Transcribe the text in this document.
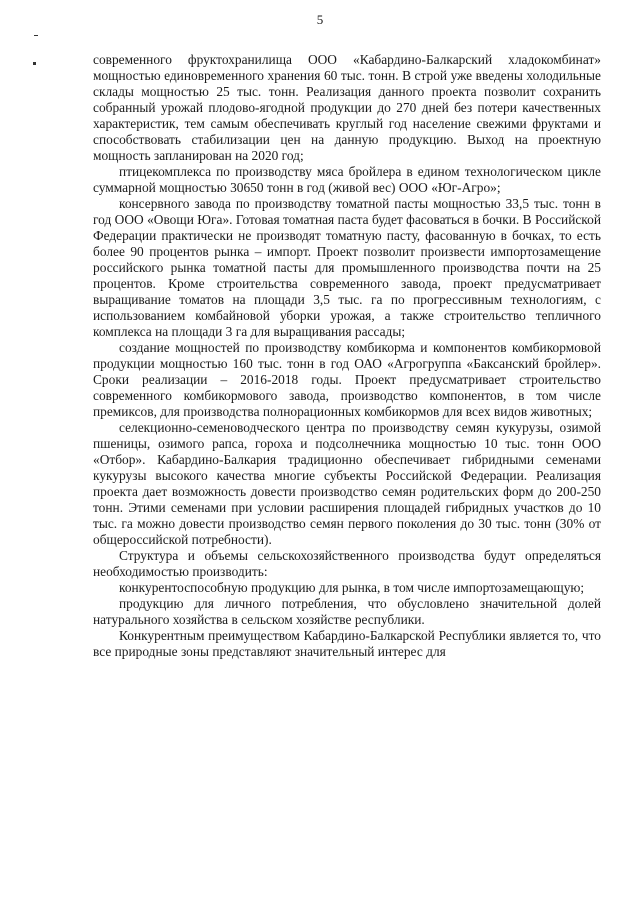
5

современного фруктохранилища ООО «Кабардино-Балкарский хладокомбинат» мощностью единовременного хранения 60 тыс. тонн. В строй уже введены холодильные склады мощностью 25 тыс. тонн. Реализация данного проекта позволит сохранить собранный урожай плодово-ягодной продукции до 270 дней без потери качественных характеристик, тем самым обеспечивать круглый год население свежими фруктами и способствовать стабилизации цен на данную продукцию. Выход на проектную мощность запланирован на 2020 год;

птицекомплекса по производству мяса бройлера в едином технологическом цикле суммарной мощностью 30650 тонн в год (живой вес) ООО «Юг-Агро»;

консервного завода по производству томатной пасты мощностью 33,5 тыс. тонн в год ООО «Овощи Юга». Готовая томатная паста будет фасоваться в бочки. В Российской Федерации практически не производят томатную пасту, фасованную в бочках, то есть более 90 процентов рынка – импорт. Проект позволит произвести импортозамещение российского рынка томатной пасты для промышленного производства почти на 25 процентов. Кроме строительства современного завода, проект предусматривает выращивание томатов на площади 3,5 тыс. га по прогрессивным технологиям, с использованием комбайновой уборки урожая, а также строительство тепличного комплекса на площади 3 га для выращивания рассады;

создание мощностей по производству комбикорма и компонентов комбикормовой продукции мощностью 160 тыс. тонн в год ОАО «Агрогруппа «Баксанский бройлер». Сроки реализации – 2016-2018 годы. Проект предусматривает строительство современного комбикормового завода, производство компонентов, в том числе премиксов, для производства полнорационных комбикормов для всех видов животных;

селекционно-семеноводческого центра по производству семян кукурузы, озимой пшеницы, озимого рапса, гороха и подсолнечника мощностью 10 тыс. тонн ООО «Отбор». Кабардино-Балкария традиционно обеспечивает гибридными семенами кукурузы высокого качества многие субъекты Российской Федерации. Реализация проекта дает возможность довести производство семян родительских форм до 200-250 тонн. Этими семенами при условии расширения площадей гибридных участков до 10 тыс. га можно довести производство семян первого поколения до 30 тыс. тонн (30% от общероссийской потребности).

Структура и объемы сельскохозяйственного производства будут определяться необходимостью производить:

конкурентоспособную продукцию для рынка, в том числе импортозамещающую;

продукцию для личного потребления, что обусловлено значительной долей натурального хозяйства в сельском хозяйстве республики.

Конкурентным преимуществом Кабардино-Балкарской Республики является то, что все природные зоны представляют значительный интерес для
